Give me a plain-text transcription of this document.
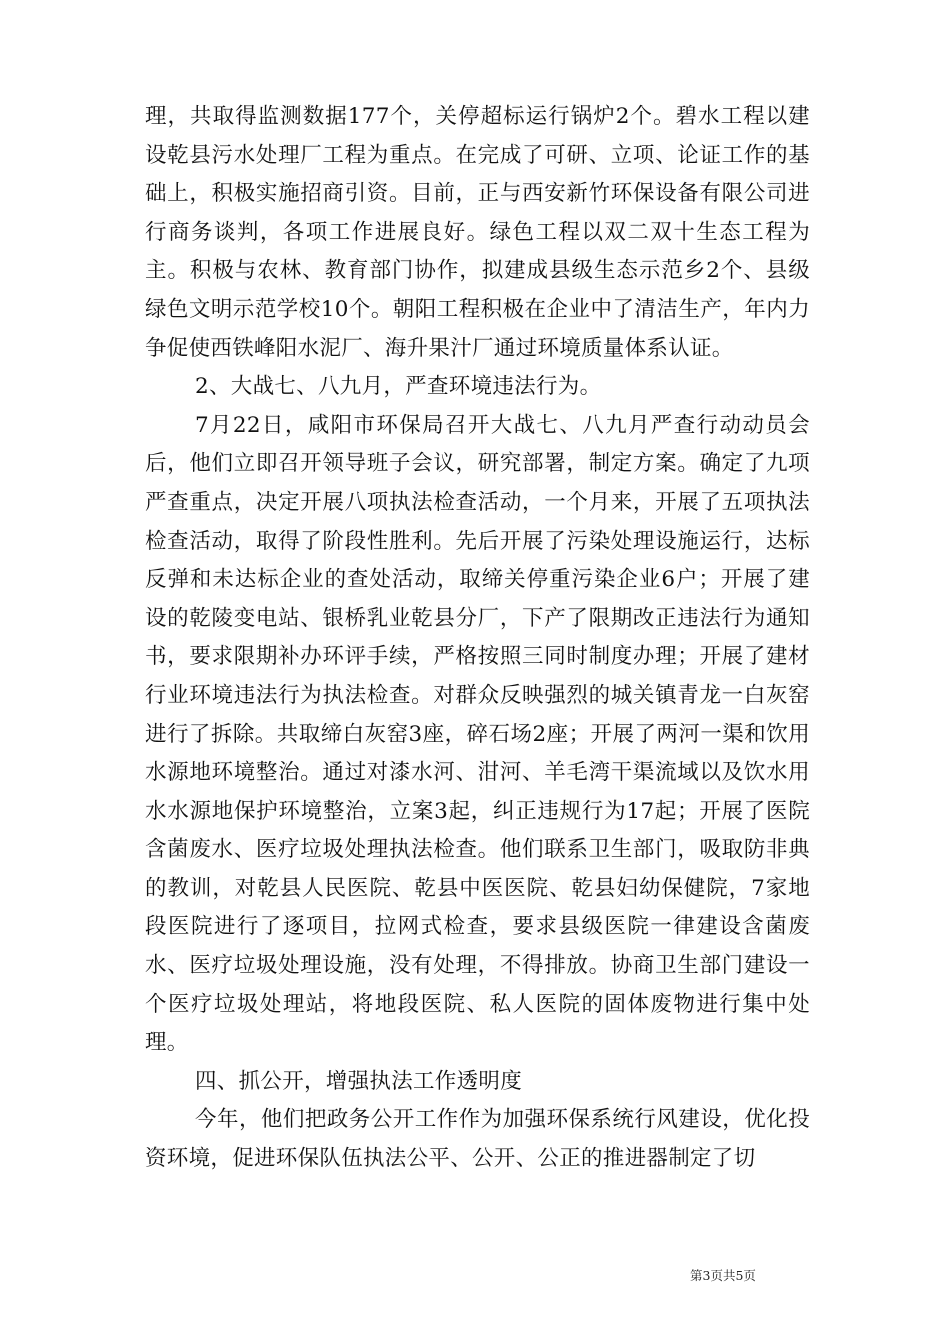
理，共取得监测数据177个，关停超标运行锅炉2个。碧水工程以建设乾县污水处理厂工程为重点。在完成了可研、立项、论证工作的基础上，积极实施招商引资。目前，正与西安新竹环保设备有限公司进行商务谈判，各项工作进展良好。绿色工程以双二双十生态工程为主。积极与农林、教育部门协作，拟建成县级生态示范乡2个、县级绿色文明示范学校10个。朝阳工程积极在企业中了清洁生产，年内力争促使西铁峰阳水泥厂、海升果汁厂通过环境质量体系认证。

2、大战七、八九月，严查环境违法行为。

7月22日，咸阳市环保局召开大战七、八九月严查行动动员会后，他们立即召开领导班子会议，研究部署，制定方案。确定了九项严查重点，决定开展八项执法检查活动，一个月来，开展了五项执法检查活动，取得了阶段性胜利。先后开展了污染处理设施运行，达标反弹和未达标企业的查处活动，取缔关停重污染企业6户；开展了建设的乾陵变电站、银桥乳业乾县分厂，下产了限期改正违法行为通知书，要求限期补办环评手续，严格按照三同时制度办理；开展了建材行业环境违法行为执法检查。对群众反映强烈的城关镇青龙一白灰窑进行了拆除。共取缔白灰窑3座，碎石场2座；开展了两河一渠和饮用水源地环境整治。通过对漆水河、泔河、羊毛湾干渠流域以及饮水用水水源地保护环境整治，立案3起，纠正违规行为17起；开展了医院含菌废水、医疗垃圾处理执法检查。他们联系卫生部门，吸取防非典的教训，对乾县人民医院、乾县中医医院、乾县妇幼保健院，7家地段医院进行了逐项目，拉网式检查，要求县级医院一律建设含菌废水、医疗垃圾处理设施，没有处理，不得排放。协商卫生部门建设一个医疗垃圾处理站，将地段医院、私人医院的固体废物进行集中处理。

四、抓公开，增强执法工作透明度

今年，他们把政务公开工作作为加强环保系统行风建设，优化投资环境，促进环保队伍执法公平、公开、公正的推进器制定了切

第3页共5页
